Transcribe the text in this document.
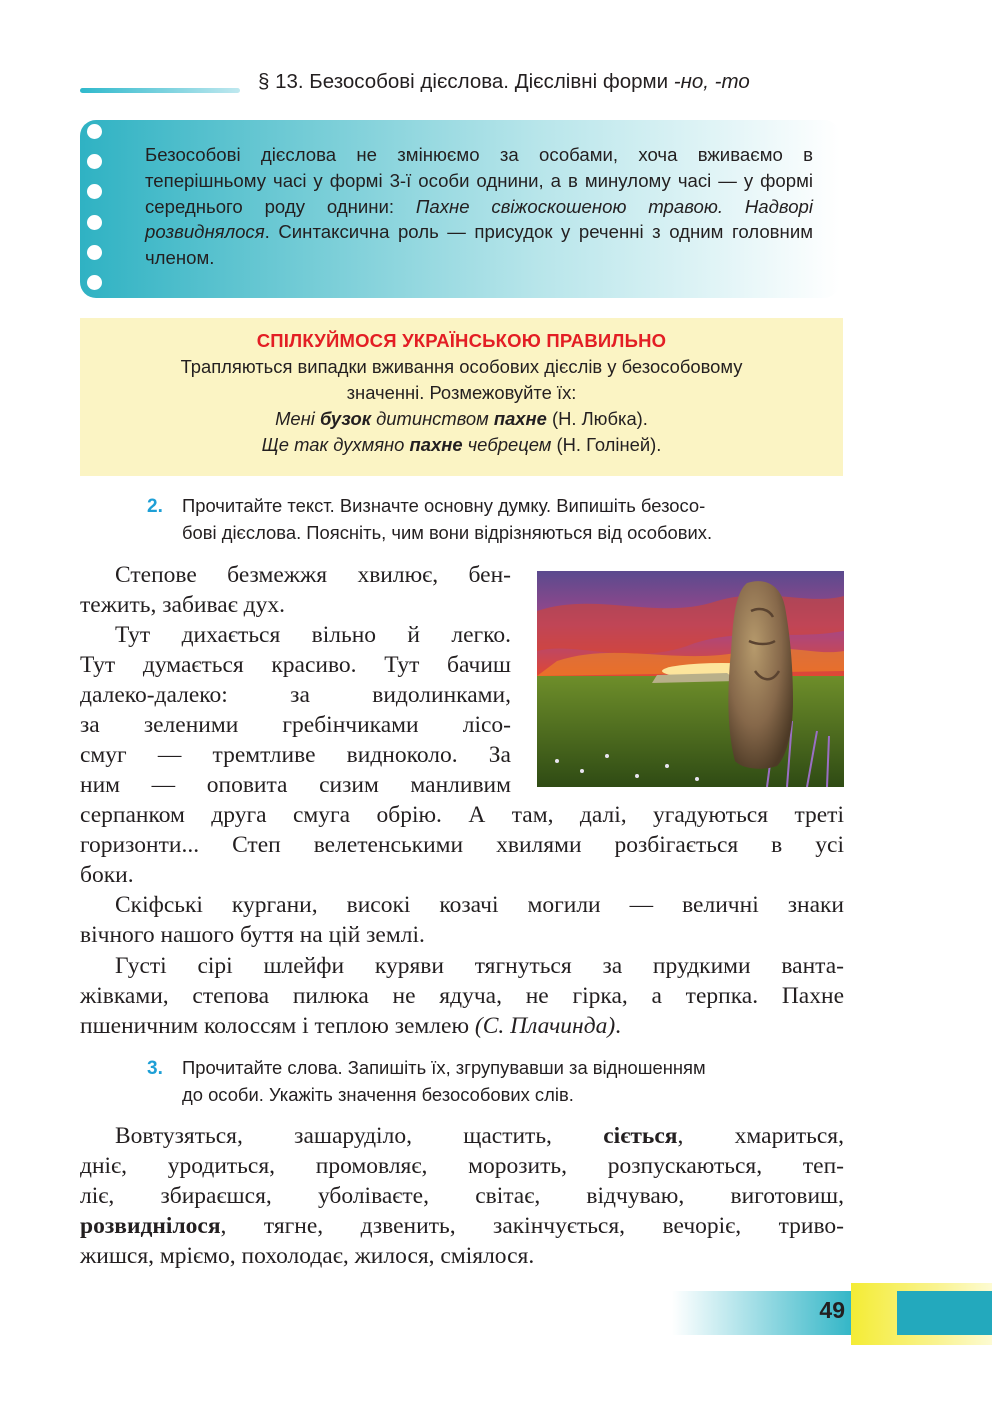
§ 13. Безособові дієслова. Дієслівні форми -но, -то
Безособові дієслова не змінюємо за особами, хоча вживаємо в теперішньому часі у формі 3-ї особи однини, а в минулому часі — у формі середнього роду однини: Пахне свіжоскошеною травою. Надворі розвиднялося. Синтаксична роль — присудок у реченні з одним головним членом.
СПІЛКУЙМОСЯ УКРАЇНСЬКОЮ ПРАВИЛЬНО
Трапляються випадки вживання особових дієслів у безособовому
значенні. Розмежовуйте їх:
Мені бузок дитинством пахне (Н. Любка).
Ще так духмяно пахне чебрецем (Н. Голіней).
2. Прочитайте текст. Визначте основну думку. Випишіть безосо-
бові дієслова. Поясніть, чим вони відрізняються від особових.
Степове безмежжя хвилює, бен-
тежить, забиває дух.
Тут дихається вільно й легко.
Тут думається красиво. Тут бачиш
далеко-далеко: за видолинками,
за зеленими гребінчиками лісо-
смуг — тремтливе видноколо. За
ним — оповита сизим манливим
серпанком друга смуга обрію. А там, далі, угадуються треті
горизонти... Степ велетенськими хвилями розбігається в усі
боки.
Скіфські кургани, високі козачі могили — величні знаки
вічного нашого буття на цій землі.
Густі сірі шлейфи куряви тягнуться за прудкими ванта-
жівками, степова пилюка не ядуча, не гірка, а терпка. Пахне
пшеничним колоссям і теплою землею (С. Плачинда).
3. Прочитайте слова. Запишіть їх, згрупувавши за відношенням
до особи. Укажіть значення безособових слів.
Вовтузяться, зашаруділо, щастить, сіється, хмариться,
дніє, уродиться, промовляє, морозить, розпускаються, теп-
ліє, збираєшся, уболіваєте, світає, відчуваю, виготовиш,
розвиднілося, тягне, дзвенить, закінчується, вечоріє, триво-
жишся, мріємо, похолодає, жилося, сміялося.
49
